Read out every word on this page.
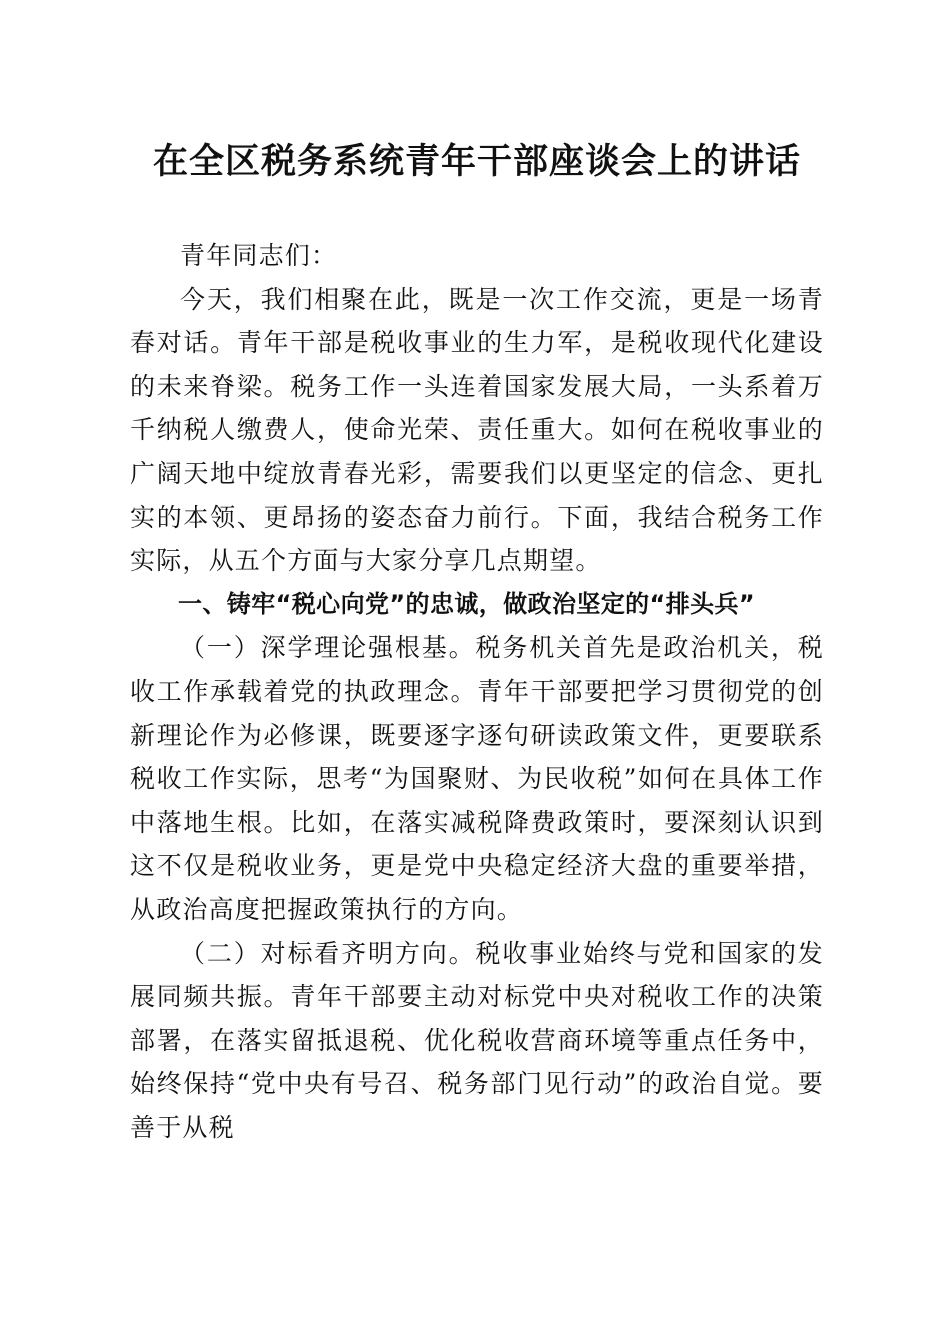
在全区税务系统青年干部座谈会上的讲话

青年同志们：

今天，我们相聚在此，既是一次工作交流，更是一场青春对话。青年干部是税收事业的生力军，是税收现代化建设的未来脊梁。税务工作一头连着国家发展大局，一头系着万千纳税人缴费人，使命光荣、责任重大。如何在税收事业的广阔天地中绽放青春光彩，需要我们以更坚定的信念、更扎实的本领、更昂扬的姿态奋力前行。下面，我结合税务工作实际，从五个方面与大家分享几点期望。

一、铸牢“税心向党”的忠诚，做政治坚定的“排头兵”

（一）深学理论强根基。税务机关首先是政治机关，税收工作承载着党的执政理念。青年干部要把学习贯彻党的创新理论作为必修课，既要逐字逐句研读政策文件，更要联系税收工作实际，思考“为国聚财、为民收税”如何在具体工作中落地生根。比如，在落实减税降费政策时，要深刻认识到这不仅是税收业务，更是党中央稳定经济大盘的重要举措，从政治高度把握政策执行的方向。

（二）对标看齐明方向。税收事业始终与党和国家的发展同频共振。青年干部要主动对标党中央对税收工作的决策部署，在落实留抵退税、优化税收营商环境等重点任务中，始终保持“党中央有号召、税务部门见行动”的政治自觉。要善于从税
